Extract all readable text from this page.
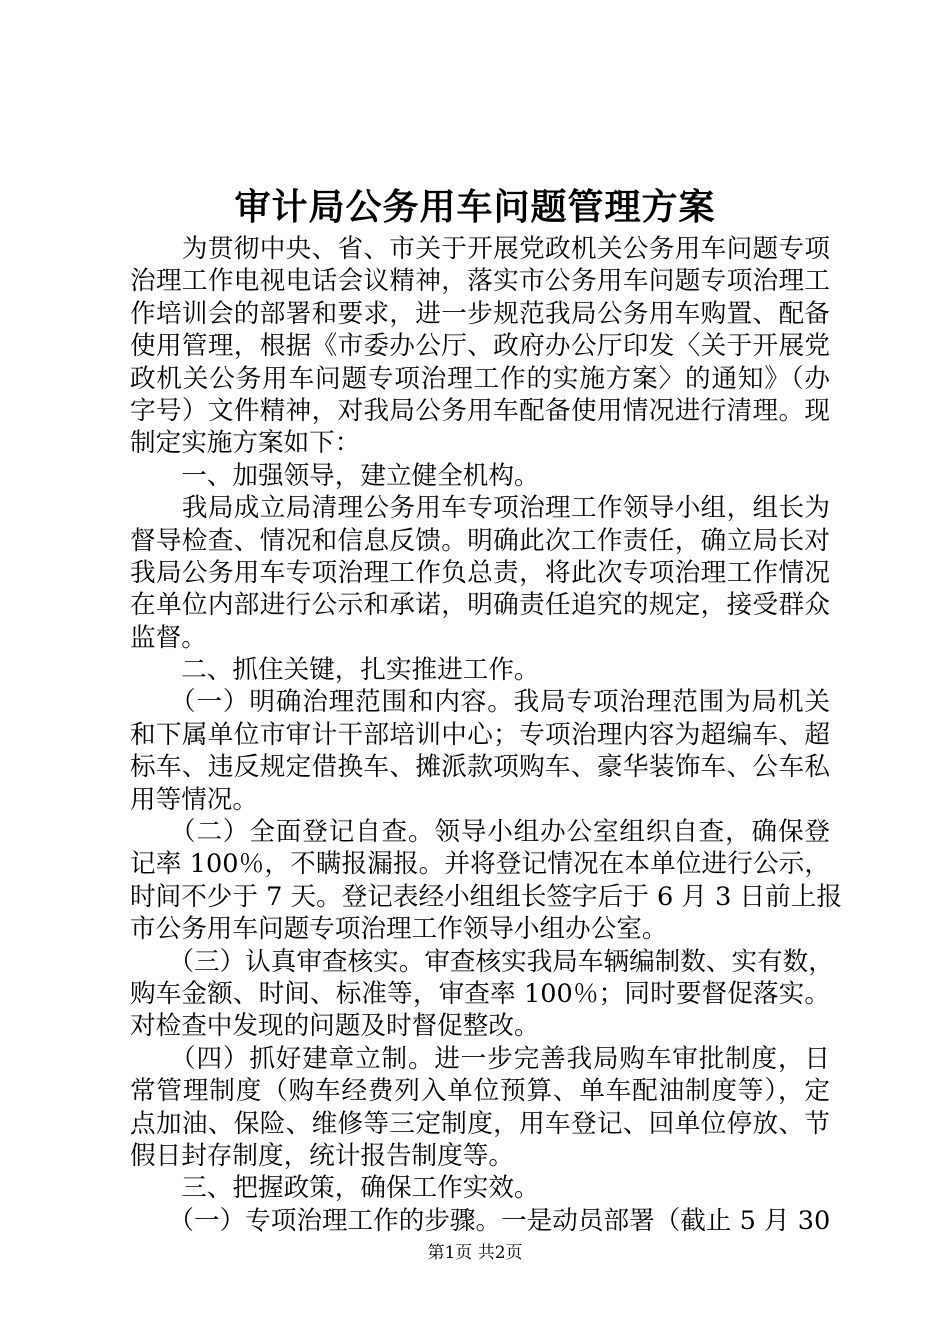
审计局公务用车问题管理方案
　　为贯彻中央、省、市关于开展党政机关公务用车问题专项
治理工作电视电话会议精神，落实市公务用车问题专项治理工
作培训会的部署和要求，进一步规范我局公务用车购置、配备
使用管理，根据《市委办公厅、政府办公厅印发〈关于开展党
政机关公务用车问题专项治理工作的实施方案〉的通知》（办
字号）文件精神，对我局公务用车配备使用情况进行清理。现
制定实施方案如下：
　　一、加强领导，建立健全机构。
　　我局成立局清理公务用车专项治理工作领导小组，组长为
督导检查、情况和信息反馈。明确此次工作责任，确立局长对
我局公务用车专项治理工作负总责，将此次专项治理工作情况
在单位内部进行公示和承诺，明确责任追究的规定，接受群众
监督。
　　二、抓住关键，扎实推进工作。
　　（一）明确治理范围和内容。我局专项治理范围为局机关
和下属单位市审计干部培训中心；专项治理内容为超编车、超
标车、违反规定借换车、摊派款项购车、豪华装饰车、公车私
用等情况。
　　（二）全面登记自查。领导小组办公室组织自查，确保登
记率 100％，不瞒报漏报。并将登记情况在本单位进行公示，
时间不少于 7 天。登记表经小组组长签字后于 6 月 3 日前上报
市公务用车问题专项治理工作领导小组办公室。
　　（三）认真审查核实。审查核实我局车辆编制数、实有数，
购车金额、时间、标准等，审查率 100％；同时要督促落实。
对检查中发现的问题及时督促整改。
　　（四）抓好建章立制。进一步完善我局购车审批制度，日
常管理制度（购车经费列入单位预算、单车配油制度等），定
点加油、保险、维修等三定制度，用车登记、回单位停放、节
假日封存制度，统计报告制度等。
　　三、把握政策，确保工作实效。
　　（一）专项治理工作的步骤。一是动员部署（截止 5 月 30
第1页 共2页
